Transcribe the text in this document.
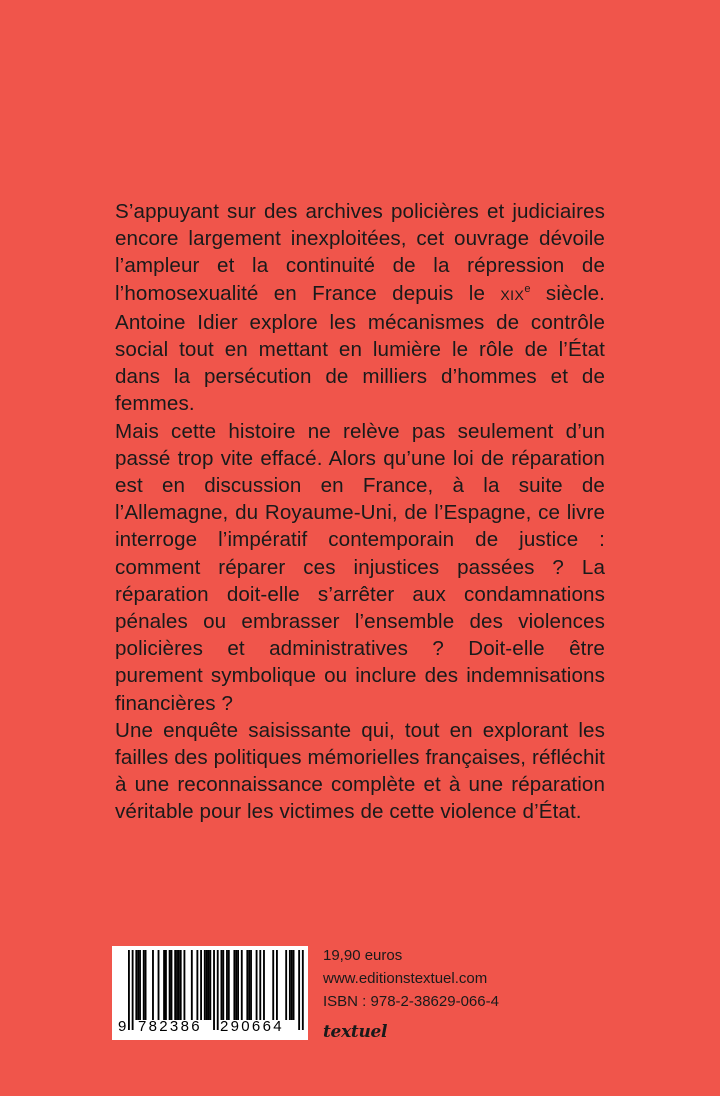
S’appuyant sur des archives policières et judiciaires encore largement inexploitées, cet ouvrage dévoile l’ampleur et la continuité de la répression de l’homosexualité en France depuis le XIXe siècle. Antoine Idier explore les mécanismes de contrôle social tout en mettant en lumière le rôle de l’État dans la persécution de milliers d’hommes et de femmes.

Mais cette histoire ne relève pas seulement d’un passé trop vite effacé. Alors qu’une loi de réparation est en discussion en France, à la suite de l’Allemagne, du Royaume-Uni, de l’Espagne, ce livre interroge l’impératif contemporain de justice : comment réparer ces injustices passées ? La réparation doit-elle s’arrêter aux condamnations pénales ou embrasser l’ensemble des violences policières et administratives ? Doit-elle être purement symbolique ou inclure des indemnisations financières ?

Une enquête saisissante qui, tout en explorant les failles des politiques mémorielles françaises, réfléchit à une reconnaissance complète et à une réparation véritable pour les victimes de cette violence d’État.

9 782386 290664
19,90 euros
www.editionstextuel.com
ISBN : 978-2-38629-066-4
textuel
